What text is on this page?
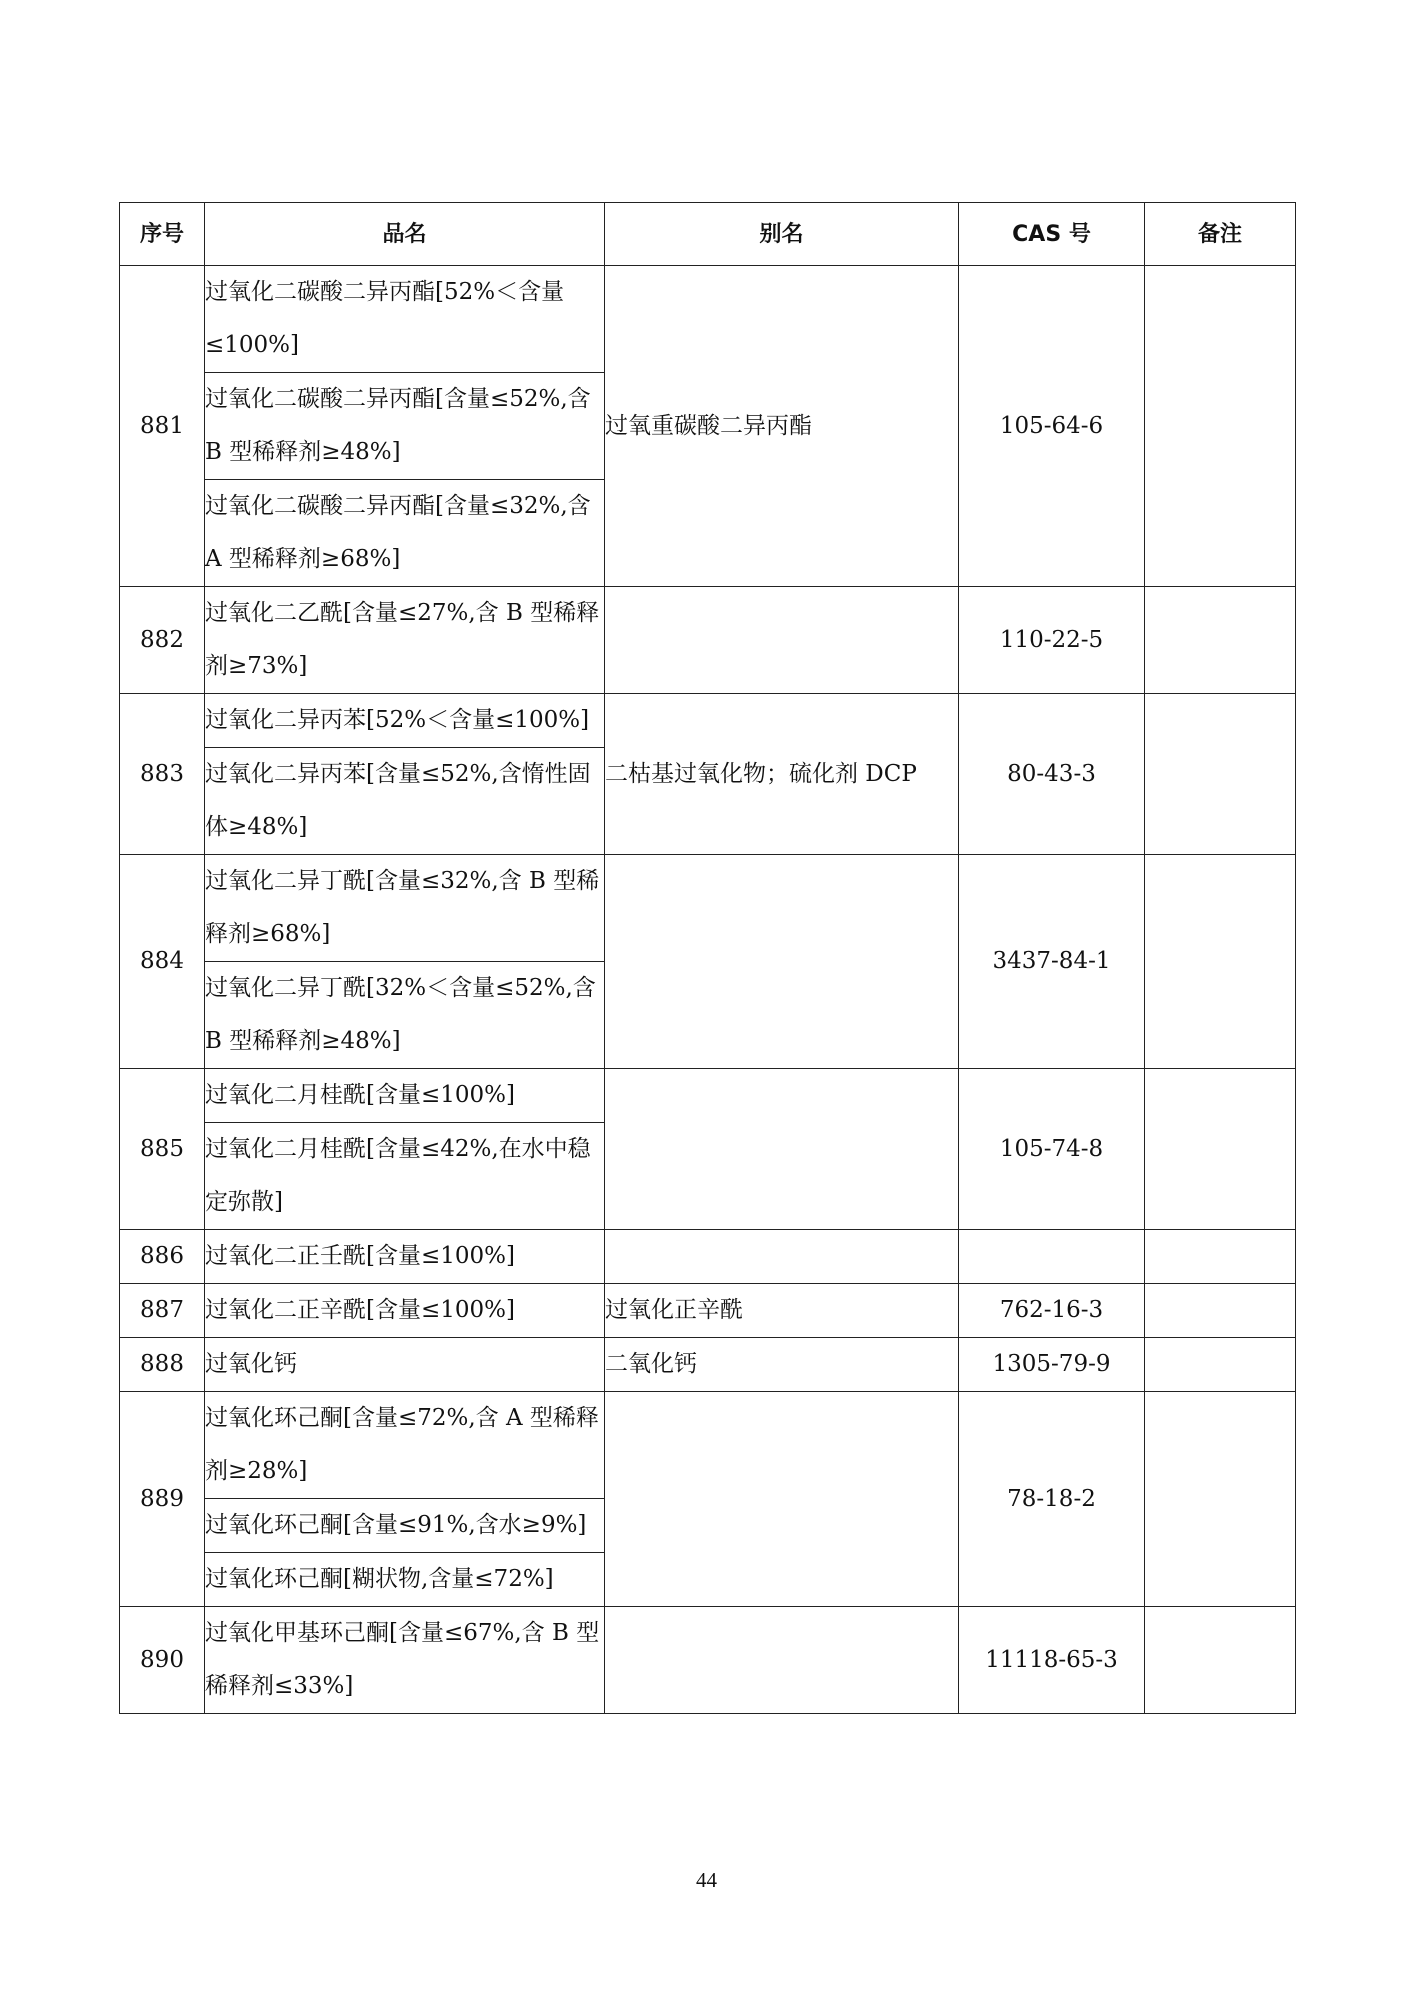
序号	品名	别名	CAS 号	备注
881	过氧化二碳酸二异丙酯[52%＜含量≤100%]	过氧重碳酸二异丙酯	105-64-6	
	过氧化二碳酸二异丙酯[含量≤52%,含 B 型稀释剂≥48%]			
	过氧化二碳酸二异丙酯[含量≤32%,含 A 型稀释剂≥68%]			
882	过氧化二乙酰[含量≤27%,含 B 型稀释剂≥73%]		110-22-5	
883	过氧化二异丙苯[52%＜含量≤100%]	二枯基过氧化物；硫化剂 DCP	80-43-3	
	过氧化二异丙苯[含量≤52%,含惰性固体≥48%]			
884	过氧化二异丁酰[含量≤32%,含 B 型稀释剂≥68%]		3437-84-1	
	过氧化二异丁酰[32%＜含量≤52%,含 B 型稀释剂≥48%]			
885	过氧化二月桂酰[含量≤100%]		105-74-8	
	过氧化二月桂酰[含量≤42%,在水中稳定弥散]			
886	过氧化二正壬酰[含量≤100%]			
887	过氧化二正辛酰[含量≤100%]	过氧化正辛酰	762-16-3	
888	过氧化钙	二氧化钙	1305-79-9	
889	过氧化环己酮[含量≤72%,含 A 型稀释剂≥28%]		78-18-2	
	过氧化环己酮[含量≤91%,含水≥9%]			
	过氧化环己酮[糊状物,含量≤72%]			
890	过氧化甲基环己酮[含量≤67%,含 B 型稀释剂≤33%]		11118-65-3	
44
